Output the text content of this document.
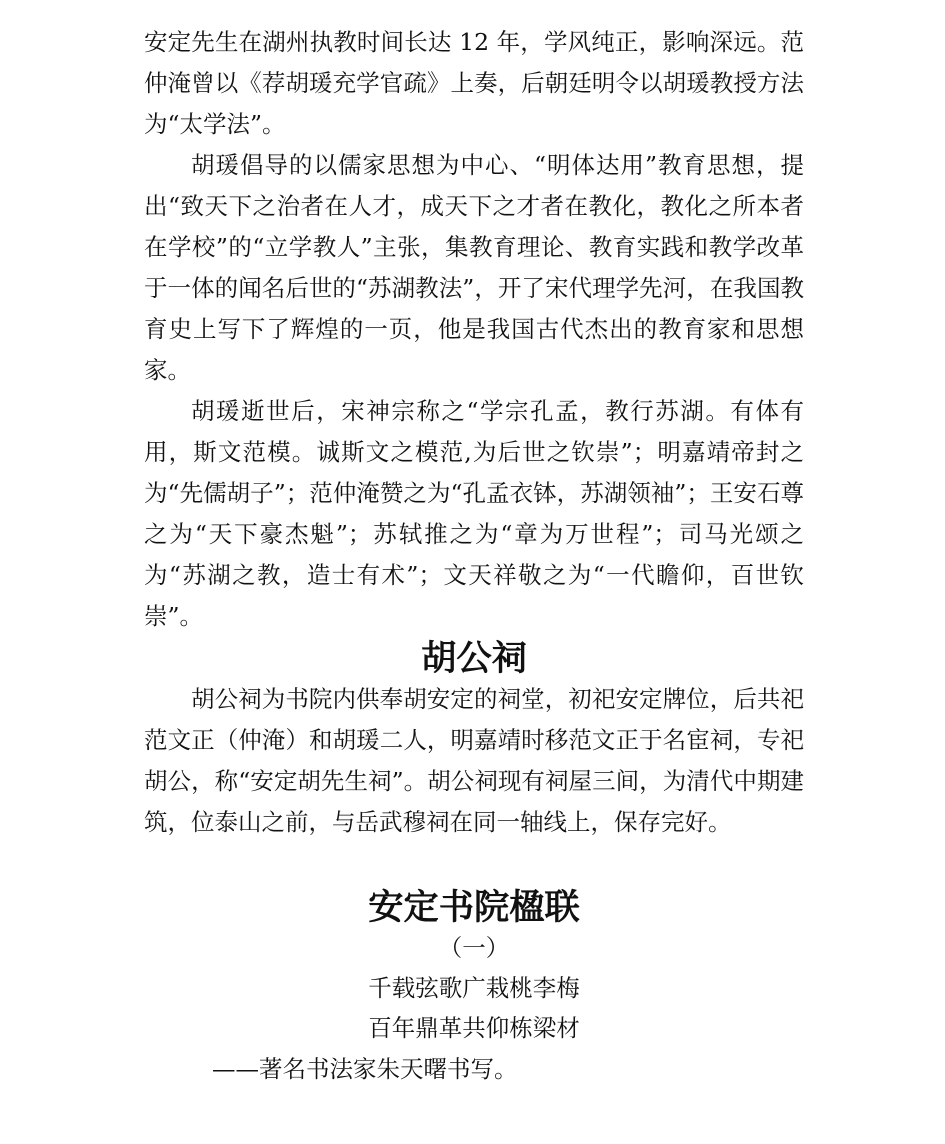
安定先生在湖州执教时间长达 12 年，学风纯正，影响深远。范仲淹曾以《荐胡瑗充学官疏》上奏，后朝廷明令以胡瑗教授方法为“太学法”。

胡瑗倡导的以儒家思想为中心、“明体达用”教育思想，提出“致天下之治者在人才，成天下之才者在教化，教化之所本者在学校”的“立学教人”主张，集教育理论、教育实践和教学改革于一体的闻名后世的“苏湖教法”，开了宋代理学先河，在我国教育史上写下了辉煌的一页，他是我国古代杰出的教育家和思想家。

胡瑗逝世后，宋神宗称之“学宗孔孟，教行苏湖。有体有用，斯文范模。诚斯文之模范,为后世之钦崇”；明嘉靖帝封之为“先儒胡子”；范仲淹赞之为“孔孟衣钵，苏湖领袖”；王安石尊之为“天下豪杰魁”；苏轼推之为“章为万世程”；司马光颂之为“苏湖之教，造士有术”；文天祥敬之为“一代瞻仰，百世钦崇”。

胡公祠

胡公祠为书院内供奉胡安定的祠堂，初祀安定牌位，后共祀范文正（仲淹）和胡瑗二人，明嘉靖时移范文正于名宦祠，专祀胡公，称“安定胡先生祠”。胡公祠现有祠屋三间，为清代中期建筑，位泰山之前，与岳武穆祠在同一轴线上，保存完好。

安定书院楹联

（一）

千载弦歌广栽桃李梅

百年鼎革共仰栋梁材

——著名书法家朱天曙书写。
